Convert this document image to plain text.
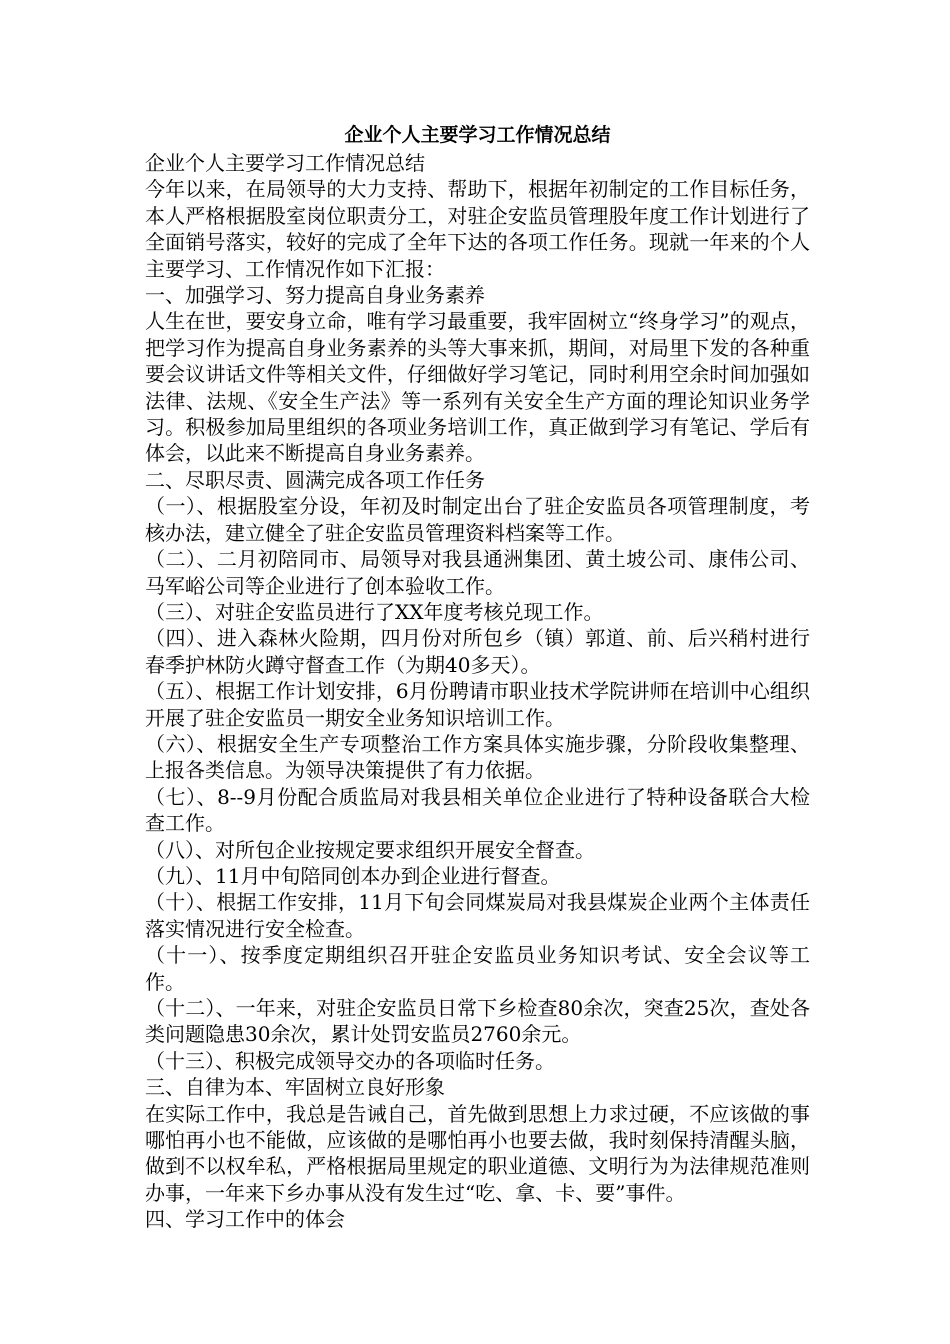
企业个人主要学习工作情况总结

企业个人主要学习工作情况总结

今年以来，在局领导的大力支持、帮助下，根据年初制定的工作目标任务，本人严格根据股室岗位职责分工，对驻企安监员管理股年度工作计划进行了全面销号落实，较好的完成了全年下达的各项工作任务。现就一年来的个人主要学习、工作情况作如下汇报：

一、加强学习、努力提高自身业务素养

人生在世，要安身立命，唯有学习最重要，我牢固树立“终身学习”的观点，把学习作为提高自身业务素养的头等大事来抓，期间，对局里下发的各种重要会议讲话文件等相关文件，仔细做好学习笔记，同时利用空余时间加强如法律、法规、《安全生产法》等一系列有关安全生产方面的理论知识业务学习。积极参加局里组织的各项业务培训工作，真正做到学习有笔记、学后有体会，以此来不断提高自身业务素养。

二、尽职尽责、圆满完成各项工作任务

（一）、根据股室分设，年初及时制定出台了驻企安监员各项管理制度，考核办法，建立健全了驻企安监员管理资料档案等工作。

（二）、二月初陪同市、局领导对我县通洲集团、黄土坡公司、康伟公司、马军峪公司等企业进行了创本验收工作。

（三）、对驻企安监员进行了XX年度考核兑现工作。

（四）、进入森林火险期，四月份对所包乡（镇）郭道、前、后兴稍村进行春季护林防火蹲守督查工作（为期40多天）。

（五）、根据工作计划安排，6月份聘请市职业技术学院讲师在培训中心组织开展了驻企安监员一期安全业务知识培训工作。

（六）、根据安全生产专项整治工作方案具体实施步骤，分阶段收集整理、上报各类信息。为领导决策提供了有力依据。

（七）、8--9月份配合质监局对我县相关单位企业进行了特种设备联合大检查工作。

（八）、对所包企业按规定要求组织开展安全督查。

（九）、11月中旬陪同创本办到企业进行督查。

（十）、根据工作安排，11月下旬会同煤炭局对我县煤炭企业两个主体责任落实情况进行安全检查。

（十一）、按季度定期组织召开驻企安监员业务知识考试、安全会议等工作。

（十二）、一年来，对驻企安监员日常下乡检查80余次，突查25次，查处各类问题隐患30余次，累计处罚安监员2760余元。

（十三）、积极完成领导交办的各项临时任务。

三、自律为本、牢固树立良好形象

在实际工作中，我总是告诫自己，首先做到思想上力求过硬，不应该做的事哪怕再小也不能做，应该做的是哪怕再小也要去做，我时刻保持清醒头脑，做到不以权牟私，严格根据局里规定的职业道德、文明行为为法律规范准则办事，一年来下乡办事从没有发生过“吃、拿、卡、要”事件。

四、学习工作中的体会
